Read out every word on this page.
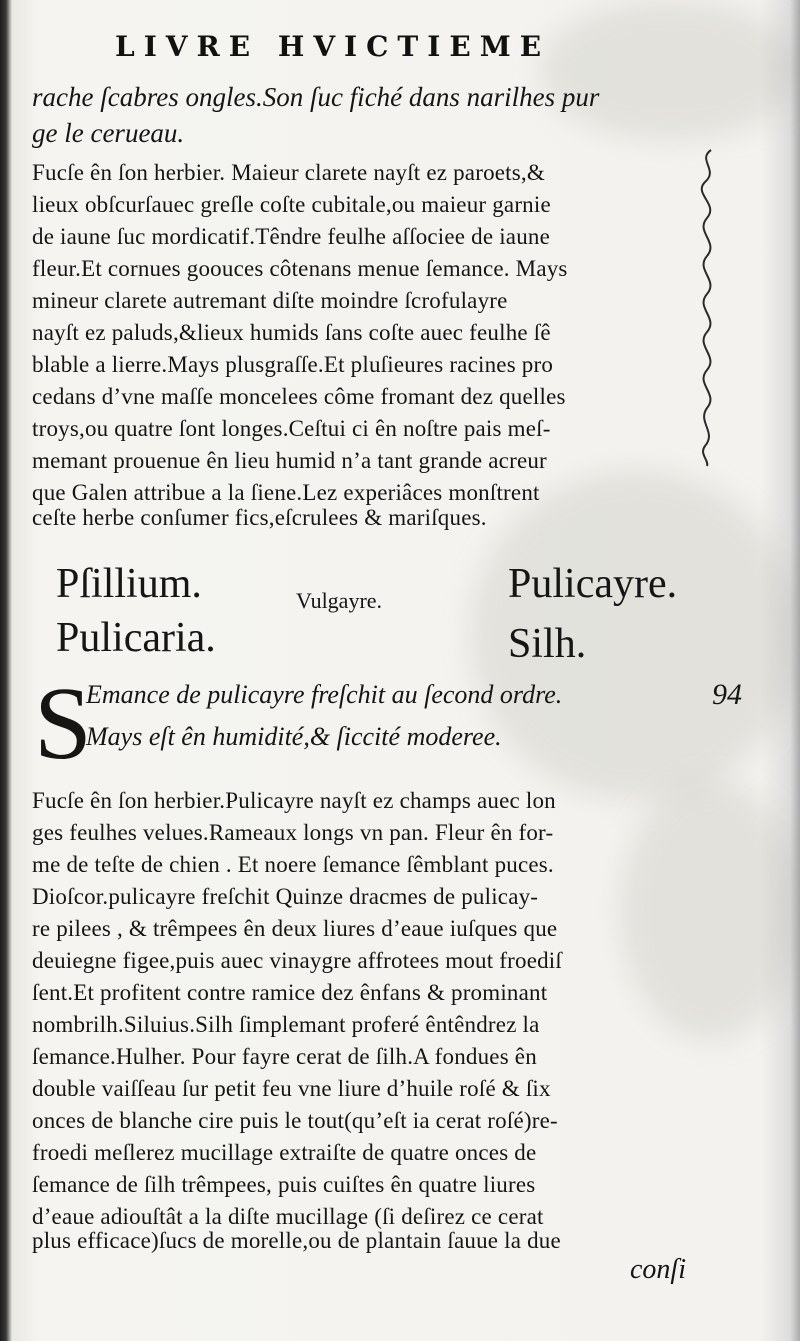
LIVRE HVICTIEME
rache ſcabres ongles.Son ſuc fiché dans narilhes pur
ge le cerueau.
Fucſe ên ſon herbier. Maieur clarete nayſt ez paroets,&
lieux obſcurſauec greſle coſte cubitale,ou maieur garnie
de iaune ſuc mordicatif.Têndre feulhe aſſociee de iaune
fleur.Et cornues goouces côtenans menue ſemance. Mays
mineur clarete autremant diſte moindre ſcrofulayre
nayſt ez paluds,&lieux humids ſans coſte auec feulhe ſê
blable a lierre.Mays plusgraſſe.Et pluſieures racines pro
cedans d’vne maſſe moncelees côme fromant dez quelles
troys,ou quatre ſont longes.Ceſtui ci ên noſtre pais meſ-
memant prouenue ên lieu humid n’a tant grande acreur
que Galen attribue a la ſiene.Lez experiâces monſtrent
ceſte herbe conſumer fics,eſcrulees & mariſques.
Pſillium.
Pulicaria.
Vulgayre.	Pulicayre.
Silh.
S
Emance de pulicayre freſchit au ſecond ordre.
Mays eſt ên humidité,& ſiccité moderee.
94
Fucſe ên ſon herbier.Pulicayre nayſt ez champs auec lon
ges feulhes velues.Rameaux longs vn pan. Fleur ên for-
me de teſte de chien . Et noere ſemance ſêmblant puces.
Dioſcor.pulicayre freſchit Quinze dracmes de pulicay-
re pilees , & trêmpees ên deux liures d’eaue iuſques que
deuiegne figee,puis auec vinaygre affrotees mout froediſ
ſent.Et profitent contre ramice dez ênfans & prominant
nombrilh.Siluius.Silh ſimplemant proferé êntêndrez la
ſemance.Hulher. Pour fayre cerat de ſilh.A fondues ên
double vaiſſeau ſur petit feu vne liure d’huile roſé & ſix
onces de blanche cire puis le tout(qu’eſt ia cerat roſé)re-
froedi meſlerez mucillage extraiſte de quatre onces de
ſemance de ſilh trêmpees, puis cuiſtes ên quatre liures
d’eaue adiouſtât a la diſte mucillage (ſi deſirez ce cerat
plus efficace)ſucs de morelle,ou de plantain ſauue la due
conſi
